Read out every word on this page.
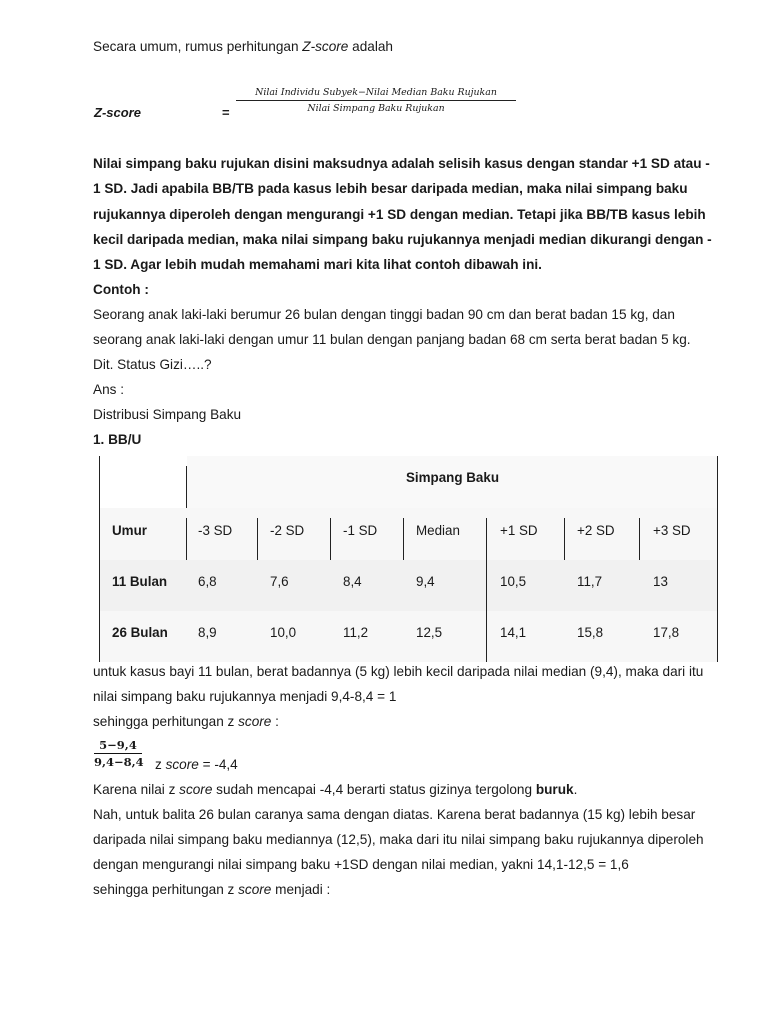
Secara umum, rumus perhitungan Z-score adalah
Z-score	=
Nilai Individu Subyek−Nilai Median Baku Rujukan
Nilai Simpang Baku Rujukan
Nilai simpang baku rujukan disini maksudnya adalah selisih kasus dengan standar +1 SD atau -
1 SD. Jadi apabila BB/TB pada kasus lebih besar daripada median, maka nilai simpang baku
rujukannya diperoleh dengan mengurangi +1 SD dengan median. Tetapi jika BB/TB kasus lebih
kecil daripada median, maka nilai simpang baku rujukannya menjadi median dikurangi dengan -
1 SD. Agar lebih mudah memahami mari kita lihat contoh dibawah ini.
Contoh :
Seorang anak laki-laki berumur 26 bulan dengan tinggi badan 90 cm dan berat badan 15 kg, dan
seorang anak laki-laki dengan umur 11 bulan dengan panjang badan 68 cm serta berat badan 5 kg.
Dit. Status Gizi…..?
Ans :
Distribusi Simpang Baku
1. BB/U
Simpang Baku
Umur	-3 SD	-2 SD	-1 SD	Median	+1 SD	+2 SD	+3 SD
11 Bulan 6,8	7,6	8,4	9,4	10,5	11,7	13
26 Bulan 8,9	10,0	11,2	12,5	14,1	15,8	17,8
untuk kasus bayi 11 bulan, berat badannya (5 kg) lebih kecil daripada nilai median (9,4), maka dari itu
nilai simpang baku rujukannya menjadi 9,4-8,4 = 1
sehingga perhitungan z score :
5−9,4
9,4−8,4 z score = -4,4
Karena nilai z score sudah mencapai -4,4 berarti status gizinya tergolong buruk.
Nah, untuk balita 26 bulan caranya sama dengan diatas. Karena berat badannya (15 kg) lebih besar
daripada nilai simpang baku mediannya (12,5), maka dari itu nilai simpang baku rujukannya diperoleh
dengan mengurangi nilai simpang baku +1SD dengan nilai median, yakni 14,1-12,5 = 1,6
sehingga perhitungan z score menjadi :
